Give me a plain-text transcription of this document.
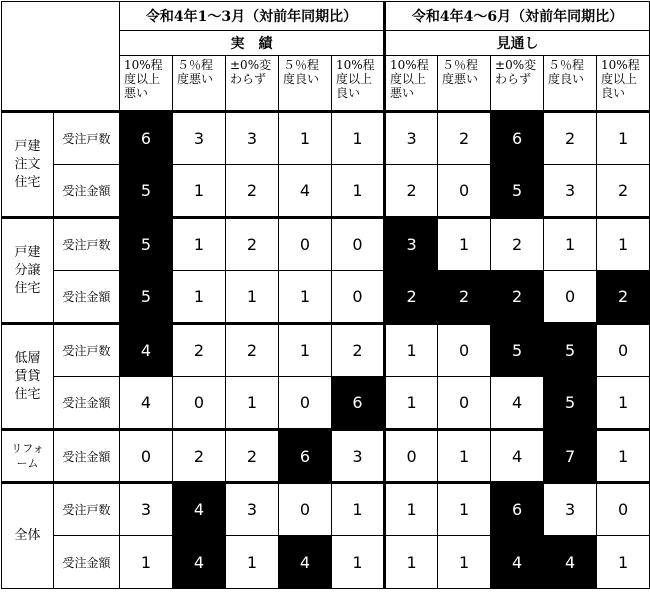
		令和4年1～3月（対前年同期比）					令和4年4～6月（対前年同期比）				
		実　績					見通し				
		10%程度以上悪い	５％程度悪い	±0%変わらず	５％程度良い	10%程度以上良い	10%程度以上悪い	５％程度悪い	±0%変わらず	５％程度良い	10%程度以上良い
戸建
注文
住宅	受注戸数	6	3	3	1	1	3	2	6	2	1
	受注金額	5	1	2	4	1	2	0	5	3	2
戸建
分譲
住宅	受注戸数	5	1	2	0	0	3	1	2	1	1
	受注金額	5	1	1	1	0	2	2	2	0	2
低層
賃貸
住宅	受注戸数	4	2	2	1	2	1	0	5	5	0
	受注金額	4	0	1	0	6	1	0	4	5	1
リフォ
ーム	受注金額	0	2	2	6	3	0	1	4	7	1
全体	受注戸数	3	4	3	0	1	1	1	6	3	0
	受注金額	1	4	1	4	1	1	1	4	4	1
